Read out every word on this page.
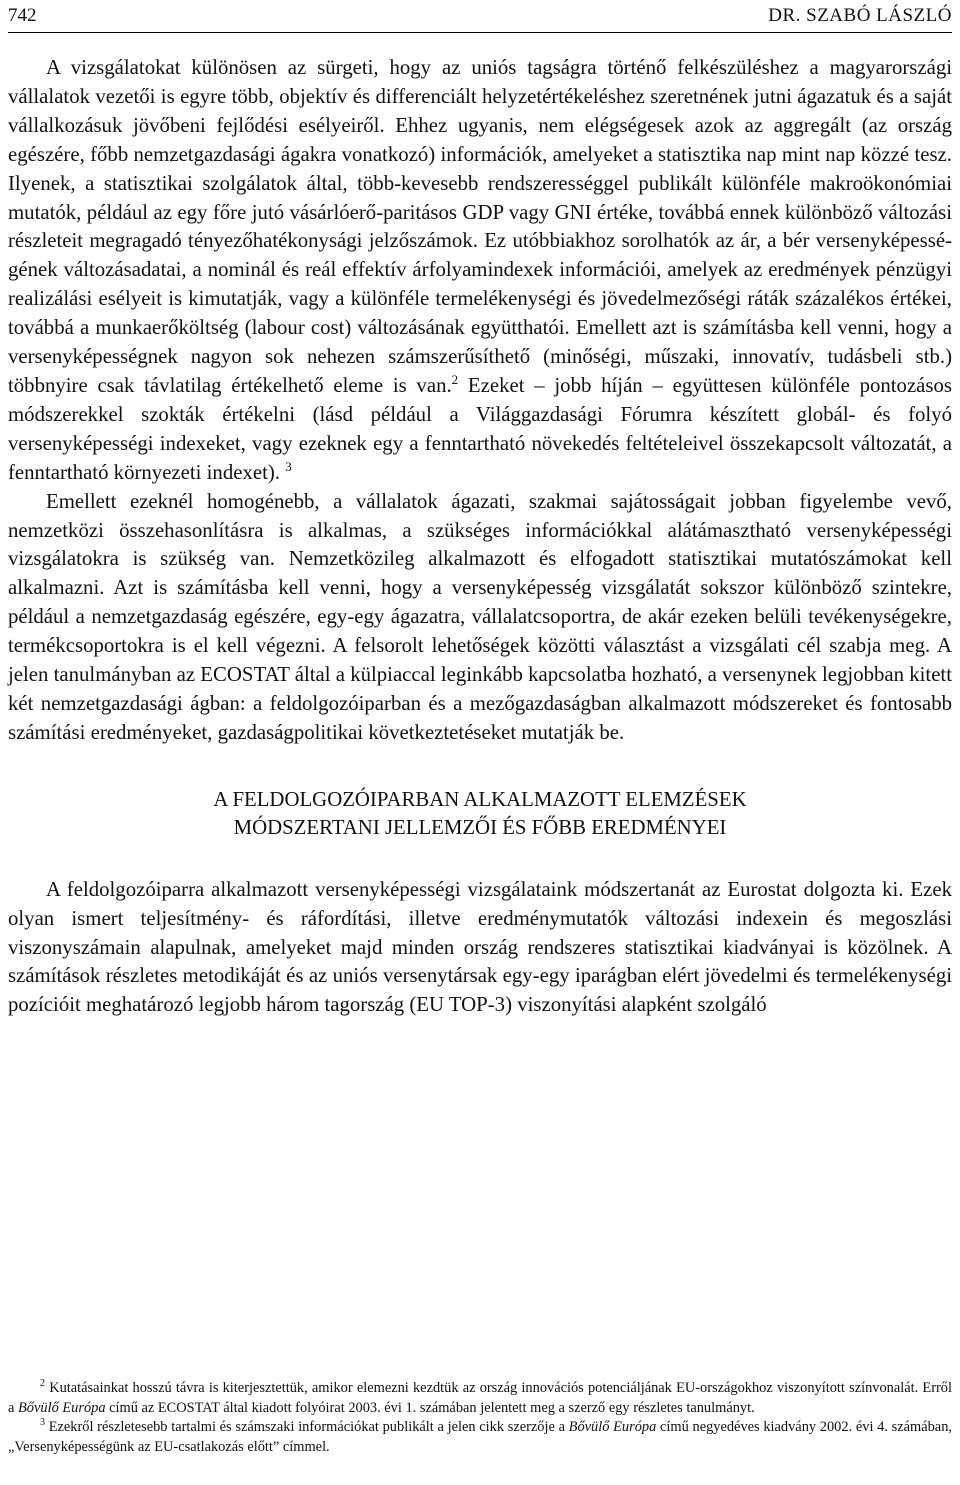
742	DR. SZABÓ LÁSZLÓ

A vizsgálatokat különösen az sürgeti, hogy az uniós tagságra történő felkészüléshez a magyarországi vállalatok vezetői is egyre több, objektív és differenciált helyzetértékeléshez szeretnének jutni ágazatuk és a saját vállalkozásuk jövőbeni fejlődési esélyeiről. Ehhez ugyanis, nem elégségesek azok az aggregált (az ország egészére, főbb nemzetgazdasági ágakra vonatkozó) információk, amelyeket a statisztika nap mint nap közzé tesz. Ilyenek, a statisztikai szolgálatok által, több-kevesebb rendszerességgel publikált különféle makroökonómiai mutatók, például az egy főre jutó vásárlóerő-paritásos GDP vagy GNI értéke, továbbá ennek különböző változási részleteit megragadó tényezőhatékonysági jelzőszámok. Ez utóbbiakhoz sorolhatók az ár, a bér versenyképességének változásadatai, a nominál és reál effektív árfolyamindexek információi, amelyek az eredmények pénzügyi realizálási esélyeit is kimutatják, vagy a különféle termelékenységi és jövedelmezőségi ráták százalékos értékei, továbbá a munkaerőköltség (labour cost) változásának együtthatói. Emellett azt is számításba kell venni, hogy a versenyképességnek nagyon sok nehezen számszerűsíthető (minőségi, műszaki, innovatív, tudásbeli stb.) többnyire csak távlatilag értékelhető eleme is van.$^2$ Ezeket – jobb híján – együttesen különféle pontozásos módszerekkel szokták értékelni (lásd például a Világgazdasági Fórumra készített globál- és folyó versenyképességi indexeket, vagy ezeknek egy a fenntartható növekedés feltételeivel összekapcsolt változatát, a fenntartható környezeti indexet). $^3$

Emellett ezeknél homogénebb, a vállalatok ágazati, szakmai sajátosságait jobban figyelembe vevő, nemzetközi összehasonlításra is alkalmas, a szükséges információkkal alátámasztható versenyképességi vizsgálatokra is szükség van. Nemzetközileg alkalmazott és elfogadott statisztikai mutatószámokat kell alkalmazni. Azt is számításba kell venni, hogy a versenyképesség vizsgálatát sokszor különböző szintekre, például a nemzetgazdaság egészére, egy-egy ágazatra, vállalatcsoportra, de akár ezeken belüli tevékenységekre, termékcsoportokra is el kell végezni. A felsorolt lehetőségek közötti választást a vizsgálati cél szabja meg. A jelen tanulmányban az ECOSTAT által a külpiaccal leginkább kapcsolatba hozható, a versenynek legjobban kitett két nemzetgazdasági ágban: a feldolgozóiparban és a mezőgazdaságban alkalmazott módszereket és fontosabb számítási eredményeket, gazdaságpolitikai következtetéseket mutatják be.

A FELDOLGOZÓIPARBAN ALKALMAZOTT ELEMZÉSEK
MÓDSZERTANI JELLEMZŐI ÉS FŐBB EREDMÉNYEI

A feldolgozóiparra alkalmazott versenyképességi vizsgálataink módszertanát az Eurostat dolgozta ki. Ezek olyan ismert teljesítmény- és ráfordítási, illetve eredménymutatók változási indexein és megoszlási viszonyszámain alapulnak, amelyeket majd minden ország rendszeres statisztikai kiadványai is közölnek. A számítások részletes metodikáját és az uniós versenytársak egy-egy iparágban elért jövedelmi és termelékenységi pozícióit meghatározó legjobb három tagország (EU TOP-3) viszonyítási alapként szolgáló

$^2$ Kutatásainkat hosszú távra is kiterjesztettük, amikor elemezni kezdtük az ország innovációs potenciáljának EU-országokhoz viszonyított színvonalát. Erről a Bővülő Európa című az ECOSTAT által kiadott folyóirat 2003. évi 1. számában jelentett meg a szerző egy részletes tanulmányt.

$^3$ Ezekről részletesebb tartalmi és számszaki információkat publikált a jelen cikk szerzője a Bővülő Európa című negyedéves kiadvány 2002. évi 4. számában, „Versenyképességünk az EU-csatlakozás előtt” címmel.
